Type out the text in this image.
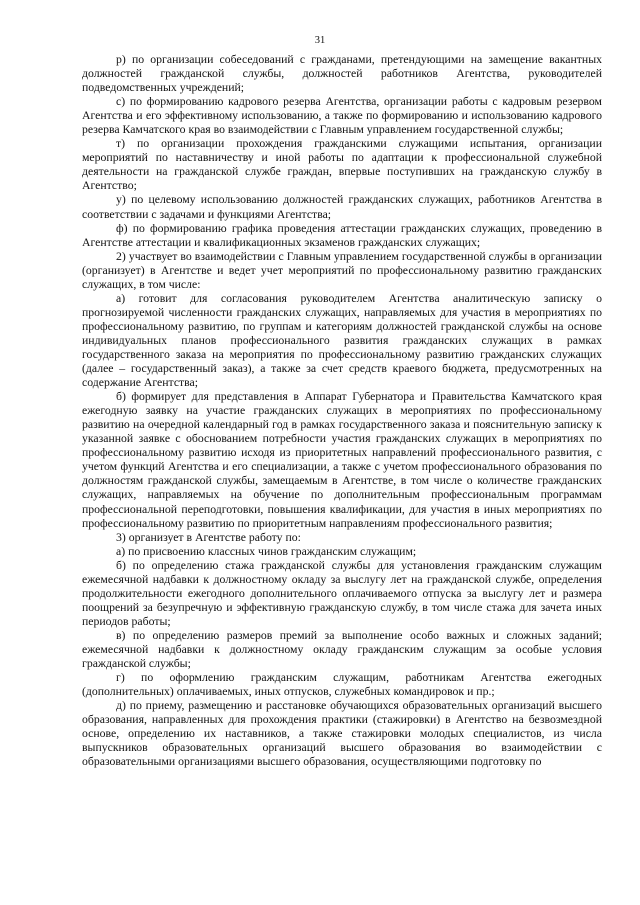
31

р) по организации собеседований с гражданами, претендующими на замещение вакантных должностей гражданской службы, должностей работников Агентства, руководителей подведомственных учреждений;

с) по формированию кадрового резерва Агентства, организации работы с кадровым резервом Агентства и его эффективному использованию, а также по формированию и использованию кадрового резерва Камчатского края во взаимодействии с Главным управлением государственной службы;

т) по организации прохождения гражданскими служащими испытания, организации мероприятий по наставничеству и иной работы по адаптации к профессиональной служебной деятельности на гражданской службе граждан, впервые поступивших на гражданскую службу в Агентство;

у) по целевому использованию должностей гражданских служащих, работников Агентства в соответствии с задачами и функциями Агентства;

ф) по формированию графика проведения аттестации гражданских служащих, проведению в Агентстве аттестации и квалификационных экзаменов гражданских служащих;

2) участвует во взаимодействии с Главным управлением государственной службы в организации (организует) в Агентстве и ведет учет мероприятий по профессиональному развитию гражданских служащих, в том числе:

а) готовит для согласования руководителем Агентства аналитическую записку о прогнозируемой численности гражданских служащих, направляемых для участия в мероприятиях по профессиональному развитию, по группам и категориям должностей гражданской службы на основе индивидуальных планов профессионального развития гражданских служащих в рамках государственного заказа на мероприятия по профессиональному развитию гражданских служащих (далее – государственный заказ), а также за счет средств краевого бюджета, предусмотренных на содержание Агентства;

б) формирует для представления в Аппарат Губернатора и Правительства Камчатского края ежегодную заявку на участие гражданских служащих в мероприятиях по профессиональному развитию на очередной календарный год в рамках государственного заказа и пояснительную записку к указанной заявке с обоснованием потребности участия гражданских служащих в мероприятиях по профессиональному развитию исходя из приоритетных направлений профессионального развития, с учетом функций Агентства и его специализации, а также с учетом профессионального образования по должностям гражданской службы, замещаемым в Агентстве, в том числе о количестве гражданских служащих, направляемых на обучение по дополнительным профессиональным программам профессиональной переподготовки, повышения квалификации, для участия в иных мероприятиях по профессиональному развитию по приоритетным направлениям профессионального развития;

3) организует в Агентстве работу по:

а) по присвоению классных чинов гражданским служащим;

б) по определению стажа гражданской службы для установления гражданским служащим ежемесячной надбавки к должностному окладу за выслугу лет на гражданской службе, определения продолжительности ежегодного дополнительного оплачиваемого отпуска за выслугу лет и размера поощрений за безупречную и эффективную гражданскую службу, в том числе стажа для зачета иных периодов работы;

в) по определению размеров премий за выполнение особо важных и сложных заданий; ежемесячной надбавки к должностному окладу гражданским служащим за особые условия гражданской службы;

г) по оформлению гражданским служащим, работникам Агентства ежегодных (дополнительных) оплачиваемых, иных отпусков, служебных командировок и пр.;

д) по приему, размещению и расстановке обучающихся образовательных организаций высшего образования, направленных для прохождения практики (стажировки) в Агентство на безвозмездной основе, определению их наставников, а также стажировки молодых специалистов, из числа выпускников образовательных организаций высшего образования во взаимодействии с образовательными организациями высшего образования, осуществляющими подготовку по
